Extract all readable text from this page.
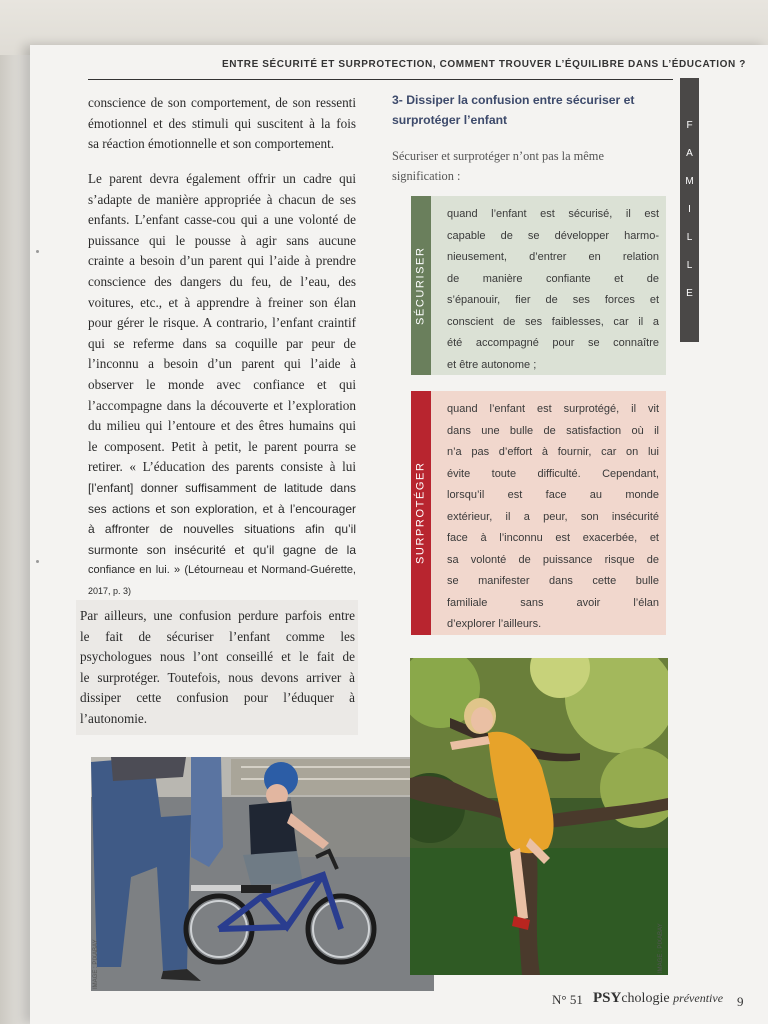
ENTRE SÉCURITÉ ET SURPROTECTION, COMMENT TROUVER L’ÉQUILIBRE DANS L’ÉDUCATION ?
F
A
M
I
L
L
E
conscience de son comportement, de son ressenti
émotionnel et des stimuli qui suscitent à la fois
sa réaction émotionnelle et son comportement.
Le parent devra également offrir un cadre qui
s’adapte de manière appropriée à chacun de ses
enfants. L’enfant casse-cou qui a une volonté de
puissance qui le pousse à agir sans aucune
crainte a besoin d’un parent qui l’aide à prendre
conscience des dangers du feu, de l’eau, des
voitures, etc., et à apprendre à freiner son élan
pour gérer le risque. A contrario, l’enfant craintif
qui se referme dans sa coquille par peur de
l’inconnu a besoin d’un parent qui l’aide à
observer le monde avec confiance et qui
l’accompagne dans la découverte et l’exploration
du milieu qui l’entoure et des êtres humains qui
le composent. Petit à petit, le parent pourra se
retirer. « L’éducation des parents consiste à lui
[l’enfant] donner suffisamment de latitude dans
ses actions et son exploration, et à l’encourager
à affronter de nouvelles situations afin qu’il
surmonte son insécurité et qu’il gagne de la
confiance en lui. » (Létourneau et Normand-Guérette,
2017, p. 3)
Par ailleurs, une confusion perdure parfois entre
le fait de sécuriser l’enfant comme les
psychologues nous l’ont conseillé et le fait de
le surprotéger. Toutefois, nous devons arriver à
dissiper cette confusion pour l’éduquer à
l’autonomie.
3- Dissiper la confusion entre sécuriser et surprotéger l’enfant
Sécuriser et surprotéger n’ont pas la même signification :
SÉCURISER
quand l’enfant est sécurisé, il est
capable de se développer harmo-
nieusement, d’entrer en relation
de manière confiante et de
s’épanouir, fier de ses forces et
conscient de ses faiblesses, car il a
été accompagné pour se connaître
et être autonome ;
SURPROTÉGER
quand l’enfant est surprotégé, il vit
dans une bulle de satisfaction où il
n’a pas d’effort à fournir, car on lui
évite toute difficulté. Cependant,
lorsqu’il est face au monde
extérieur, il a peur, son insécurité
face à l’inconnu est exacerbée, et
sa volonté de puissance risque de
se manifester dans cette bulle
familiale sans avoir l’élan
d’explorer l’ailleurs.
IMAGE : PIXABAY	IMAGE : PIXABAY
N° 51 PSYchologie préventive 9
